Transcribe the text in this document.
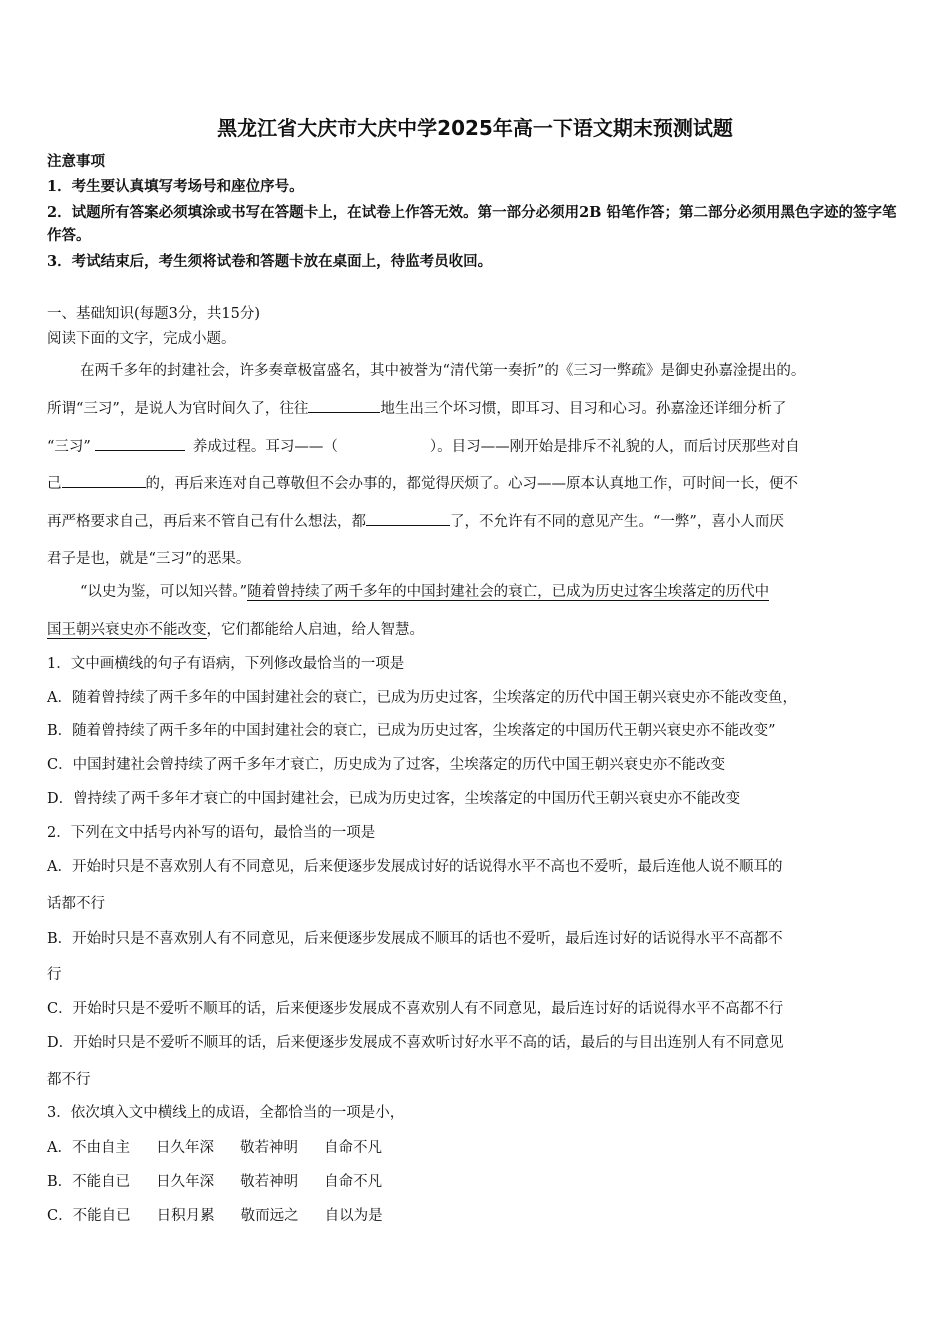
黑龙江省大庆市大庆中学2025年高一下语文期末预测试题
注意事项
1．考生要认真填写考场号和座位序号。
2．试题所有答案必须填涂或书写在答题卡上，在试卷上作答无效。第一部分必须用2B 铅笔作答；第二部分必须用黑色字迹的签字笔作答。
3．考试结束后，考生须将试卷和答题卡放在桌面上，待监考员收回。
一、基础知识(每题3分，共15分)
阅读下面的文字，完成小题。
在两千多年的封建社会，许多奏章极富盛名，其中被誉为“清代第一奏折”的《三习一弊疏》是御史孙嘉淦提出的。
所谓“三习”，是说人为官时间久了，往往	地生出三个坏习惯，即耳习、目习和心习。孙嘉淦还详细分析了
“三习”	养成过程。耳习——（	）。目习——刚开始是排斥不礼貌的人，而后讨厌那些对自
己	的，再后来连对自己尊敬但不会办事的，都觉得厌烦了。心习——原本认真地工作，可时间一长，便不
再严格要求自己，再后来不管自己有什么想法，都	了，不允许有不同的意见产生。“一弊”，喜小人而厌
君子是也，就是“三习”的恶果。
“以史为鉴，可以知兴替。”随着曾持续了两千多年的中国封建社会的衰亡，已成为历史过客尘埃落定的历代中
国王朝兴衰史亦不能改变，它们都能给人启迪，给人智慧。
1．文中画横线的句子有语病，下列修改最恰当的一项是
A．随着曾持续了两千多年的中国封建社会的衰亡，已成为历史过客，尘埃落定的历代中国王朝兴衰史亦不能改变鱼，
B．随着曾持续了两千多年的中国封建社会的衰亡，已成为历史过客，尘埃落定的中国历代王朝兴衰史亦不能改变”
C．中国封建社会曾持续了两千多年才衰亡，历史成为了过客，尘埃落定的历代中国王朝兴衰史亦不能改变
D．曾持续了两千多年才衰亡的中国封建社会，已成为历史过客，尘埃落定的中国历代王朝兴衰史亦不能改变
2．下列在文中括号内补写的语句，最恰当的一项是
A．开始时只是不喜欢别人有不同意见，后来便逐步发展成讨好的话说得水平不高也不爱听，最后连他人说不顺耳的
话都不行
B．开始时只是不喜欢别人有不同意见，后来便逐步发展成不顺耳的话也不爱听，最后连讨好的话说得水平不高都不
行
C．开始时只是不爱听不顺耳的话，后来便逐步发展成不喜欢别人有不同意见，最后连讨好的话说得水平不高都不行
D．开始时只是不爱听不顺耳的话，后来便逐步发展成不喜欢听讨好水平不高的话，最后的与目出连别人有不同意见
都不行
3．依次填入文中横线上的成语，全都恰当的一项是小，
A．不由自主 日久年深 敬若神明 自命不凡
B．不能自已 日久年深 敬若神明 自命不凡
C．不能自已 日积月累 敬而远之 自以为是
